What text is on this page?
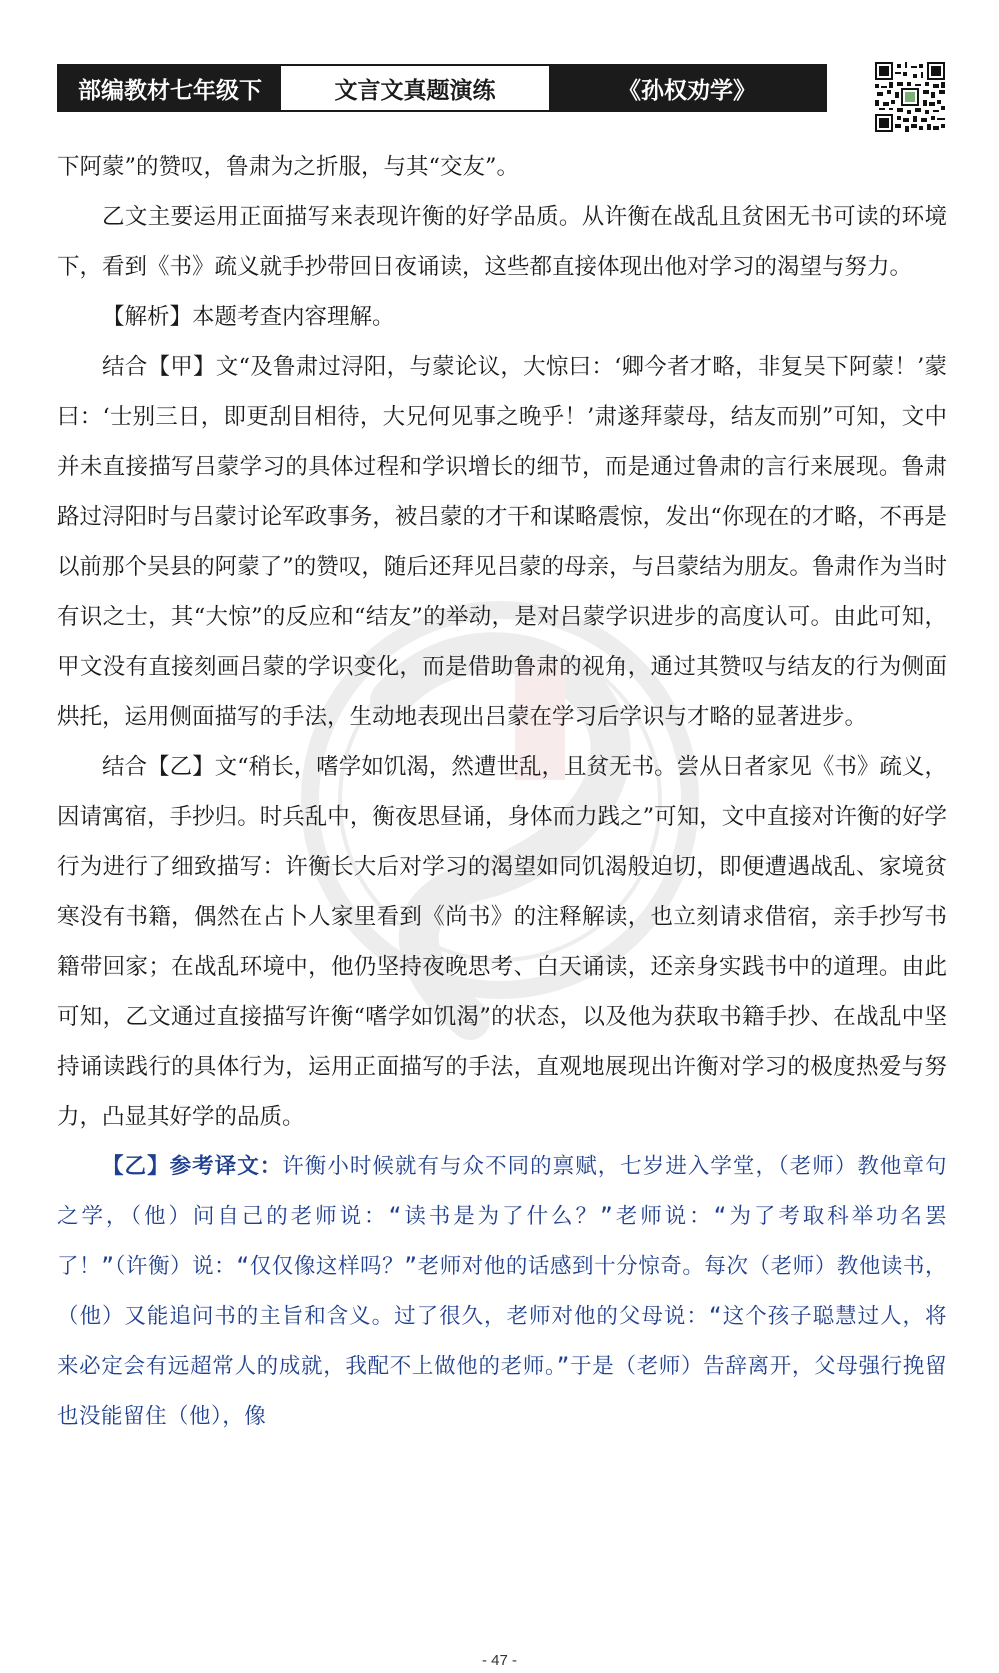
部编教材七年级下	文言文真题演练	《孙权劝学》

下阿蒙”的赞叹，鲁肃为之折服，与其“交友”。

乙文主要运用正面描写来表现许衡的好学品质。从许衡在战乱且贫困无书可读的环境下，看到《书》疏义就手抄带回日夜诵读，这些都直接体现出他对学习的渴望与努力。

【解析】本题考查内容理解。

结合【甲】文“及鲁肃过浔阳，与蒙论议，大惊曰：‘卿今者才略，非复吴下阿蒙！’蒙曰：‘士别三日，即更刮目相待，大兄何见事之晚乎！’肃遂拜蒙母，结友而别”可知，文中并未直接描写吕蒙学习的具体过程和学识增长的细节，而是通过鲁肃的言行来展现。鲁肃路过浔阳时与吕蒙讨论军政事务，被吕蒙的才干和谋略震惊，发出“你现在的才略，不再是以前那个吴县的阿蒙了”的赞叹，随后还拜见吕蒙的母亲，与吕蒙结为朋友。鲁肃作为当时有识之士，其“大惊”的反应和“结友”的举动，是对吕蒙学识进步的高度认可。由此可知，甲文没有直接刻画吕蒙的学识变化，而是借助鲁肃的视角，通过其赞叹与结友的行为侧面烘托，运用侧面描写的手法，生动地表现出吕蒙在学习后学识与才略的显著进步。

结合【乙】文“稍长，嗜学如饥渴，然遭世乱，且贫无书。尝从日者家见《书》疏义，因请寓宿，手抄归。时兵乱中，衡夜思昼诵，身体而力践之”可知，文中直接对许衡的好学行为进行了细致描写：许衡长大后对学习的渴望如同饥渴般迫切，即便遭遇战乱、家境贫寒没有书籍，偶然在占卜人家里看到《尚书》的注释解读，也立刻请求借宿，亲手抄写书籍带回家；在战乱环境中，他仍坚持夜晚思考、白天诵读，还亲身实践书中的道理。由此可知，乙文通过直接描写许衡“嗜学如饥渴”的状态，以及他为获取书籍手抄、在战乱中坚持诵读践行的具体行为，运用正面描写的手法，直观地展现出许衡对学习的极度热爱与努力，凸显其好学的品质。

【乙】参考译文：许衡小时候就有与众不同的禀赋，七岁进入学堂，（老师）教他章句之学，（他）问自己的老师说：“读书是为了什么？”老师说：“为了考取科举功名罢了！”（许衡）说：“仅仅像这样吗？”老师对他的话感到十分惊奇。每次（老师）教他读书，（他）又能追问书的主旨和含义。过了很久，老师对他的父母说：“这个孩子聪慧过人，将来必定会有远超常人的成就，我配不上做他的老师。”于是（老师）告辞离开，父母强行挽留也没能留住（他），像

- 47 -
